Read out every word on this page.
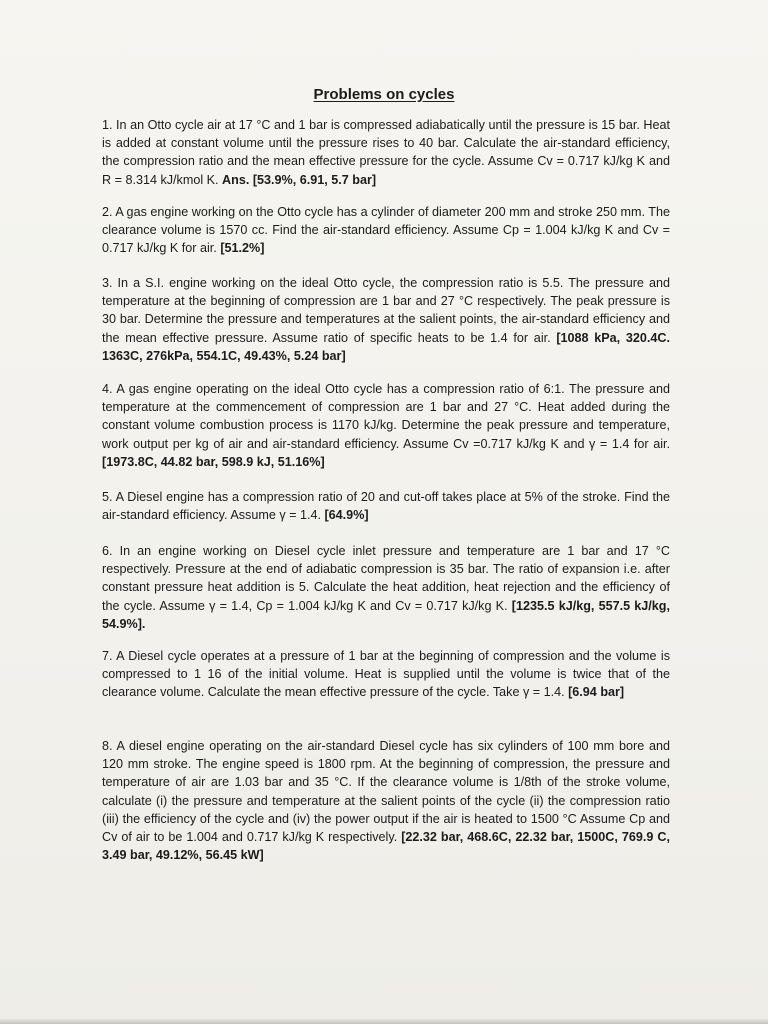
Problems on cycles

1. In an Otto cycle air at 17 °C and 1 bar is compressed adiabatically until the pressure is 15 bar. Heat is added at constant volume until the pressure rises to 40 bar. Calculate the air-standard efficiency, the compression ratio and the mean effective pressure for the cycle. Assume Cv = 0.717 kJ/kg K and R = 8.314 kJ/kmol K. Ans. [53.9%, 6.91, 5.7 bar]

2. A gas engine working on the Otto cycle has a cylinder of diameter 200 mm and stroke 250 mm. The clearance volume is 1570 cc. Find the air-standard efficiency. Assume Cp = 1.004 kJ/kg K and Cv = 0.717 kJ/kg K for air. [51.2%]

3. In a S.I. engine working on the ideal Otto cycle, the compression ratio is 5.5. The pressure and temperature at the beginning of compression are 1 bar and 27 °C respectively. The peak pressure is 30 bar. Determine the pressure and temperatures at the salient points, the air-standard efficiency and the mean effective pressure. Assume ratio of specific heats to be 1.4 for air. [1088 kPa, 320.4C. 1363C, 276kPa, 554.1C, 49.43%, 5.24 bar]

4. A gas engine operating on the ideal Otto cycle has a compression ratio of 6:1. The pressure and temperature at the commencement of compression are 1 bar and 27 °C. Heat added during the constant volume combustion process is 1170 kJ/kg. Determine the peak pressure and temperature, work output per kg of air and air-standard efficiency. Assume Cv =0.717 kJ/kg K and γ = 1.4 for air. [1973.8C, 44.82 bar, 598.9 kJ, 51.16%]

5. A Diesel engine has a compression ratio of 20 and cut-off takes place at 5% of the stroke. Find the air-standard efficiency. Assume γ = 1.4. [64.9%]

6. In an engine working on Diesel cycle inlet pressure and temperature are 1 bar and 17 °C respectively. Pressure at the end of adiabatic compression is 35 bar. The ratio of expansion i.e. after constant pressure heat addition is 5. Calculate the heat addition, heat rejection and the efficiency of the cycle. Assume γ = 1.4, Cp = 1.004 kJ/kg K and Cv = 0.717 kJ/kg K. [1235.5 kJ/kg, 557.5 kJ/kg, 54.9%].

7. A Diesel cycle operates at a pressure of 1 bar at the beginning of compression and the volume is compressed to 1 16 of the initial volume. Heat is supplied until the volume is twice that of the clearance volume. Calculate the mean effective pressure of the cycle. Take γ = 1.4. [6.94 bar]

8. A diesel engine operating on the air-standard Diesel cycle has six cylinders of 100 mm bore and 120 mm stroke. The engine speed is 1800 rpm. At the beginning of compression, the pressure and temperature of air are 1.03 bar and 35 °C. If the clearance volume is 1/8th of the stroke volume, calculate (i) the pressure and temperature at the salient points of the cycle (ii) the compression ratio (iii) the efficiency of the cycle and (iv) the power output if the air is heated to 1500 °C Assume Cp and Cv of air to be 1.004 and 0.717 kJ/kg K respectively. [22.32 bar, 468.6C, 22.32 bar, 1500C, 769.9 C, 3.49 bar, 49.12%, 56.45 kW]
